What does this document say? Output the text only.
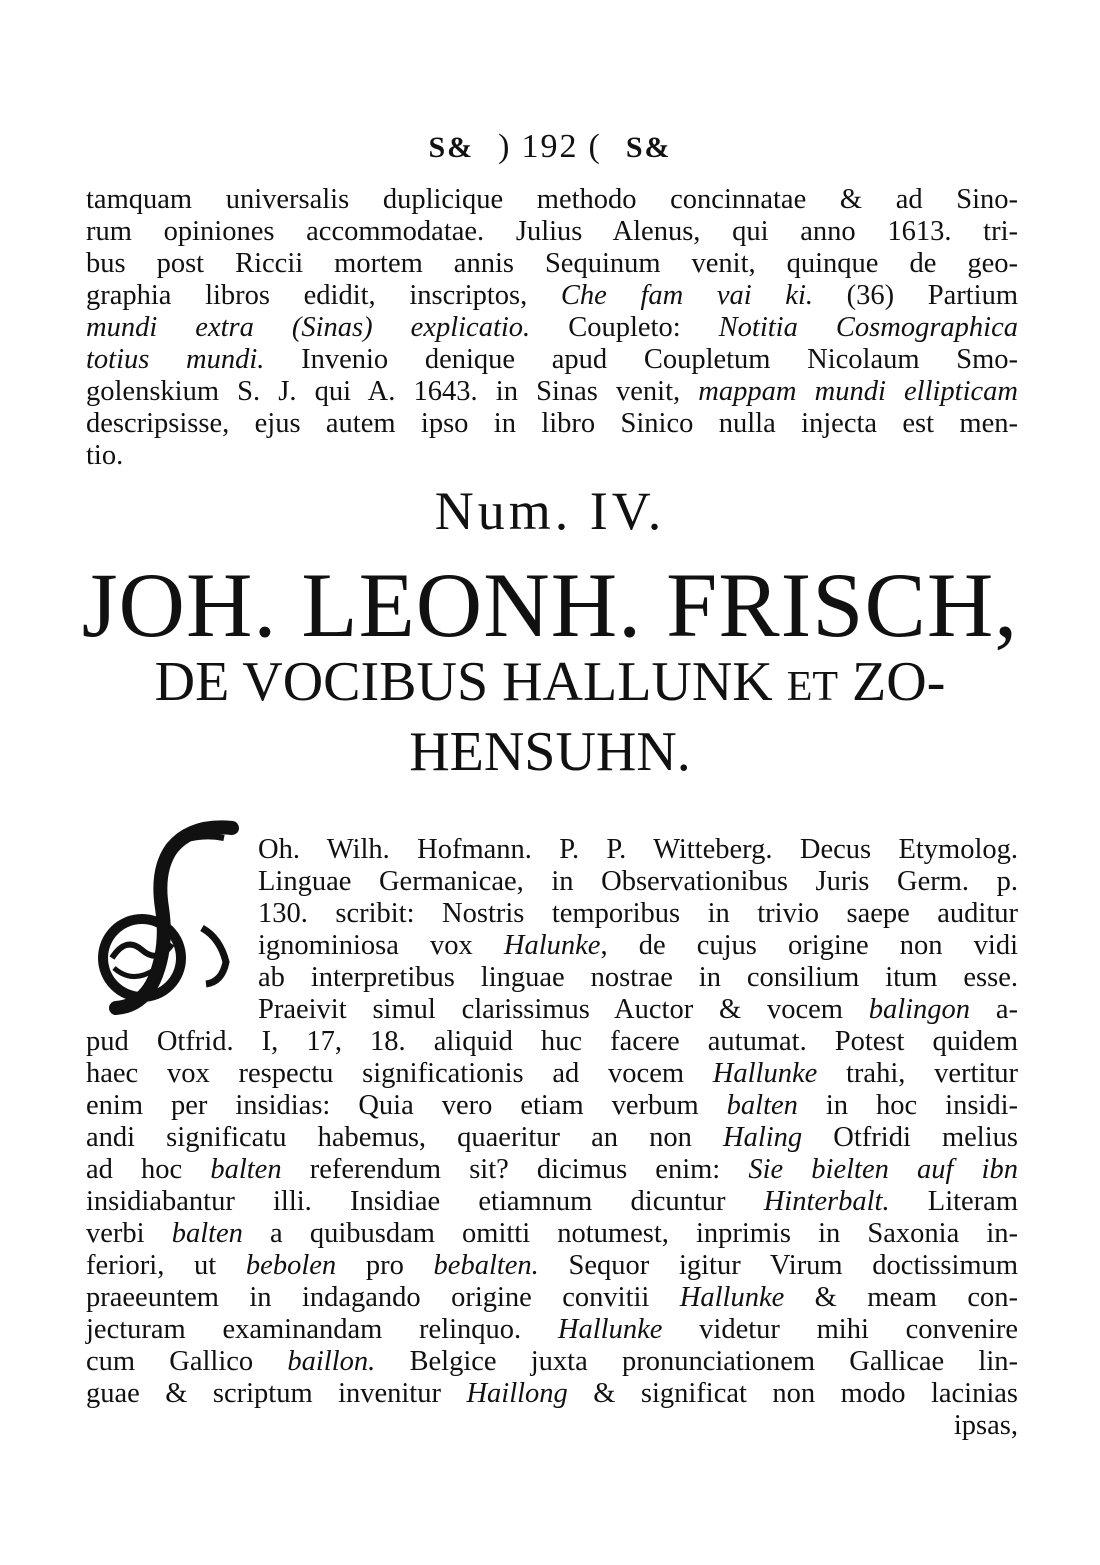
S& ) 192 ( S&
tamquam universalis duplicique methodo concinnatae & ad Sino-
rum opiniones accommodatae. Julius Alenus, qui anno 1613. tri-
bus post Riccii mortem annis Sequinum venit, quinque de geo-
graphia libros edidit, inscriptos, Che fam vai ki. (36) Partium
mundi extra (Sinas) explicatio. Coupleto: Notitia Cosmographica
totius mundi. Invenio denique apud Coupletum Nicolaum Smo-
golenskium S. J. qui A. 1643. in Sinas venit, mappam mundi ellipticam
descripsisse, ejus autem ipso in libro Sinico nulla injecta est men-
tio.
Num. IV.
JOH. LEONH. FRISCH,
DE VOCIBUS HALLUNK ET ZO-
HENSUHN.
Oh. Wilh. Hofmann. P. P. Witteberg. Decus Etymolog.
Linguae Germanicae, in Observationibus Juris Germ. p.
130. scribit: Nostris temporibus in trivio saepe auditur
ignominiosa vox Halunke, de cujus origine non vidi
ab interpretibus linguae nostrae in consilium itum esse.
Praeivit simul clarissimus Auctor & vocem balingon a-
pud Otfrid. I, 17, 18. aliquid huc facere autumat. Potest quidem
haec vox respectu significationis ad vocem Hallunke trahi, vertitur
enim per insidias: Quia vero etiam verbum balten in hoc insidi-
andi significatu habemus, quaeritur an non Haling Otfridi melius
ad hoc balten referendum sit? dicimus enim: Sie bielten auf ibn
insidiabantur illi. Insidiae etiamnum dicuntur Hinterbalt. Literam
verbi balten a quibusdam omitti notumest, inprimis in Saxonia in-
feriori, ut bebolen pro bebalten. Sequor igitur Virum doctissimum
praeeuntem in indagando origine convitii Hallunke & meam con-
jecturam examinandam relinquo. Hallunke videtur mihi convenire
cum Gallico baillon. Belgice juxta pronunciationem Gallicae lin-
guae & scriptum invenitur Haillong & significat non modo lacinias
ipsas,
